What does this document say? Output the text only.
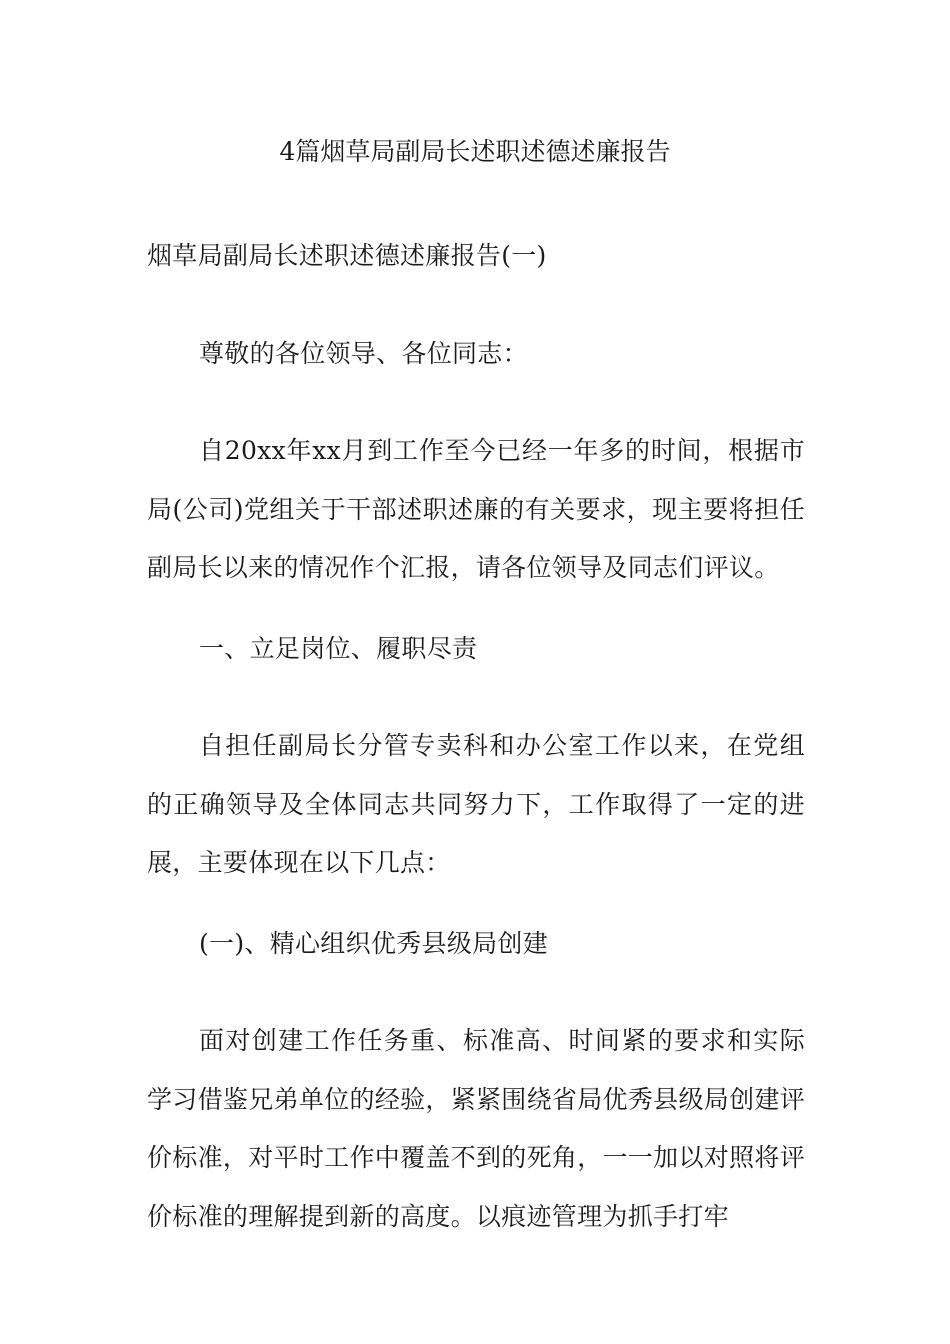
4篇烟草局副局长述职述德述廉报告
烟草局副局长述职述德述廉报告(一)
尊敬的各位领导、各位同志：
自20xx年xx月到工作至今已经一年多的时间，根据市局(公司)党组关于干部述职述廉的有关要求，现主要将担任副局长以来的情况作个汇报，请各位领导及同志们评议。
一、立足岗位、履职尽责
自担任副局长分管专卖科和办公室工作以来，在党组的正确领导及全体同志共同努力下，工作取得了一定的进展，主要体现在以下几点：
(一)、精心组织优秀县级局创建
面对创建工作任务重、标准高、时间紧的要求和实际学习借鉴兄弟单位的经验，紧紧围绕省局优秀县级局创建评价标准，对平时工作中覆盖不到的死角，一一加以对照将评价标准的理解提到新的高度。以痕迹管理为抓手打牢
